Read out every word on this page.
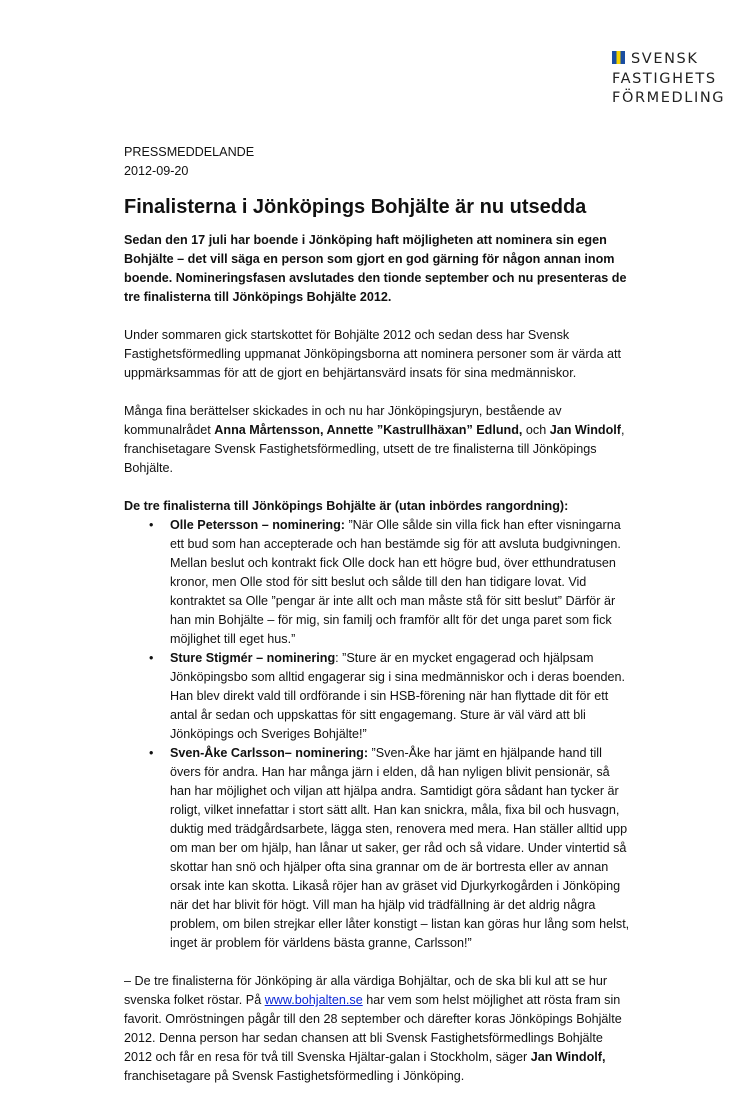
SVENSK
FASTIGHETS
FÖRMEDLING
PRESSMEDDELANDE
2012-09-20
Finalisterna i Jönköpings Bohjälte är nu utsedda

Sedan den 17 juli har boende i Jönköping haft möjligheten att nominera sin egen Bohjälte – det vill säga en person som gjort en god gärning för någon annan inom boende. Nomineringsfasen avslutades den tionde september och nu presenteras de tre finalisterna till Jönköpings Bohjälte 2012.

Under sommaren gick startskottet för Bohjälte 2012 och sedan dess har Svensk Fastighetsförmedling uppmanat Jönköpingsborna att nominera personer som är värda att uppmärksammas för att de gjort en behjärtansvärd insats för sina medmänniskor.

Många fina berättelser skickades in och nu har Jönköpingsjuryn, bestående av kommunalrådet Anna Mårtensson, Annette ”Kastrullhäxan” Edlund, och Jan Windolf, franchisetagare Svensk Fastighetsförmedling, utsett de tre finalisterna till Jönköpings Bohjälte.

De tre finalisterna till Jönköpings Bohjälte är (utan inbördes rangordning):
• Olle Petersson – nominering: ”När Olle sålde sin villa fick han efter visningarna ett bud som han accepterade och han bestämde sig för att avsluta budgivningen. Mellan beslut och kontrakt fick Olle dock han ett högre bud, över etthundratusen kronor, men Olle stod för sitt beslut och sålde till den han tidigare lovat. Vid kontraktet sa Olle ”pengar är inte allt och man måste stå för sitt beslut” Därför är han min Bohjälte – för mig, sin familj och framför allt för det unga paret som fick möjlighet till eget hus.”
• Sture Stigmér – nominering: ”Sture är en mycket engagerad och hjälpsam Jönköpingsbo som alltid engagerar sig i sina medmänniskor och i deras boenden. Han blev direkt vald till ordförande i sin HSB-förening när han flyttade dit för ett antal år sedan och uppskattas för sitt engagemang. Sture är väl värd att bli Jönköpings och Sveriges Bohjälte!”
• Sven-Åke Carlsson– nominering: ”Sven-Åke har jämt en hjälpande hand till övers för andra. Han har många järn i elden, då han nyligen blivit pensionär, så han har möjlighet och viljan att hjälpa andra. Samtidigt göra sådant han tycker är roligt, vilket innefattar i stort sätt allt. Han kan snickra, måla, fixa bil och husvagn, duktig med trädgårdsarbete, lägga sten, renovera med mera. Han ställer alltid upp om man ber om hjälp, han lånar ut saker, ger råd och så vidare. Under vintertid så skottar han snö och hjälper ofta sina grannar om de är bortresta eller av annan orsak inte kan skotta. Likaså röjer han av gräset vid Djurkyrkogården i Jönköping när det har blivit för högt. Vill man ha hjälp vid trädfällning är det aldrig några problem, om bilen strejkar eller låter konstigt – listan kan göras hur lång som helst, inget är problem för världens bästa granne, Carlsson!”

– De tre finalisterna för Jönköping är alla värdiga Bohjältar, och de ska bli kul att se hur svenska folket röstar. På www.bohjalten.se har vem som helst möjlighet att rösta fram sin favorit. Omröstningen pågår till den 28 september och därefter koras Jönköpings Bohjälte 2012. Denna person har sedan chansen att bli Svensk Fastighetsförmedlings Bohjälte 2012 och får en resa för två till Svenska Hjältar-galan i Stockholm, säger Jan Windolf, franchisetagare på Svensk Fastighetsförmedling i Jönköping.
